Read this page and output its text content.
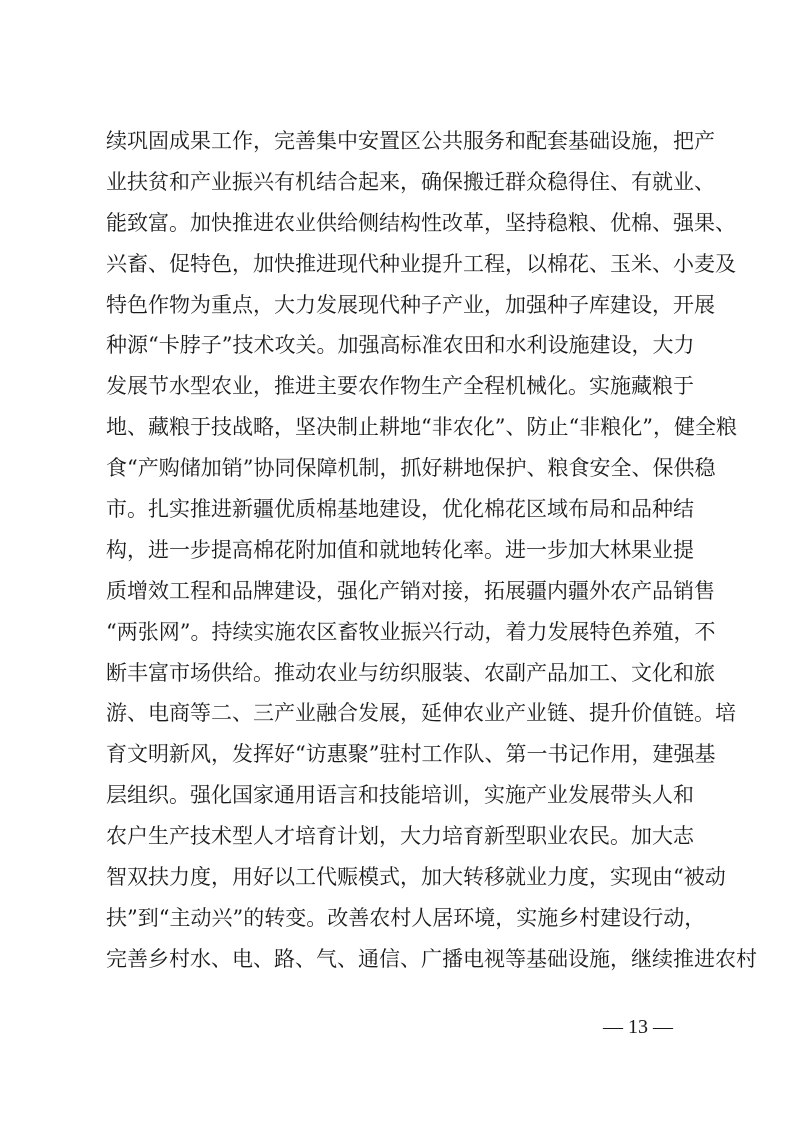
续巩固成果工作，完善集中安置区公共服务和配套基础设施，把产
业扶贫和产业振兴有机结合起来，确保搬迁群众稳得住、有就业、
能致富。加快推进农业供给侧结构性改革，坚持稳粮、优棉、强果、
兴畜、促特色，加快推进现代种业提升工程，以棉花、玉米、小麦及
特色作物为重点，大力发展现代种子产业，加强种子库建设，开展
种源“卡脖子”技术攻关。加强高标准农田和水利设施建设，大力
发展节水型农业，推进主要农作物生产全程机械化。实施藏粮于
地、藏粮于技战略，坚决制止耕地“非农化”、防止“非粮化”，健全粮
食“产购储加销”协同保障机制，抓好耕地保护、粮食安全、保供稳
市。扎实推进新疆优质棉基地建设，优化棉花区域布局和品种结
构，进一步提高棉花附加值和就地转化率。进一步加大林果业提
质增效工程和品牌建设，强化产销对接，拓展疆内疆外农产品销售
“两张网”。持续实施农区畜牧业振兴行动，着力发展特色养殖，不
断丰富市场供给。推动农业与纺织服装、农副产品加工、文化和旅
游、电商等二、三产业融合发展，延伸农业产业链、提升价值链。培
育文明新风，发挥好“访惠聚”驻村工作队、第一书记作用，建强基
层组织。强化国家通用语言和技能培训，实施产业发展带头人和
农户生产技术型人才培育计划，大力培育新型职业农民。加大志
智双扶力度，用好以工代赈模式，加大转移就业力度，实现由“被动
扶”到“主动兴”的转变。改善农村人居环境，实施乡村建设行动，
完善乡村水、电、路、气、通信、广播电视等基础设施，继续推进农村
— 13 —
